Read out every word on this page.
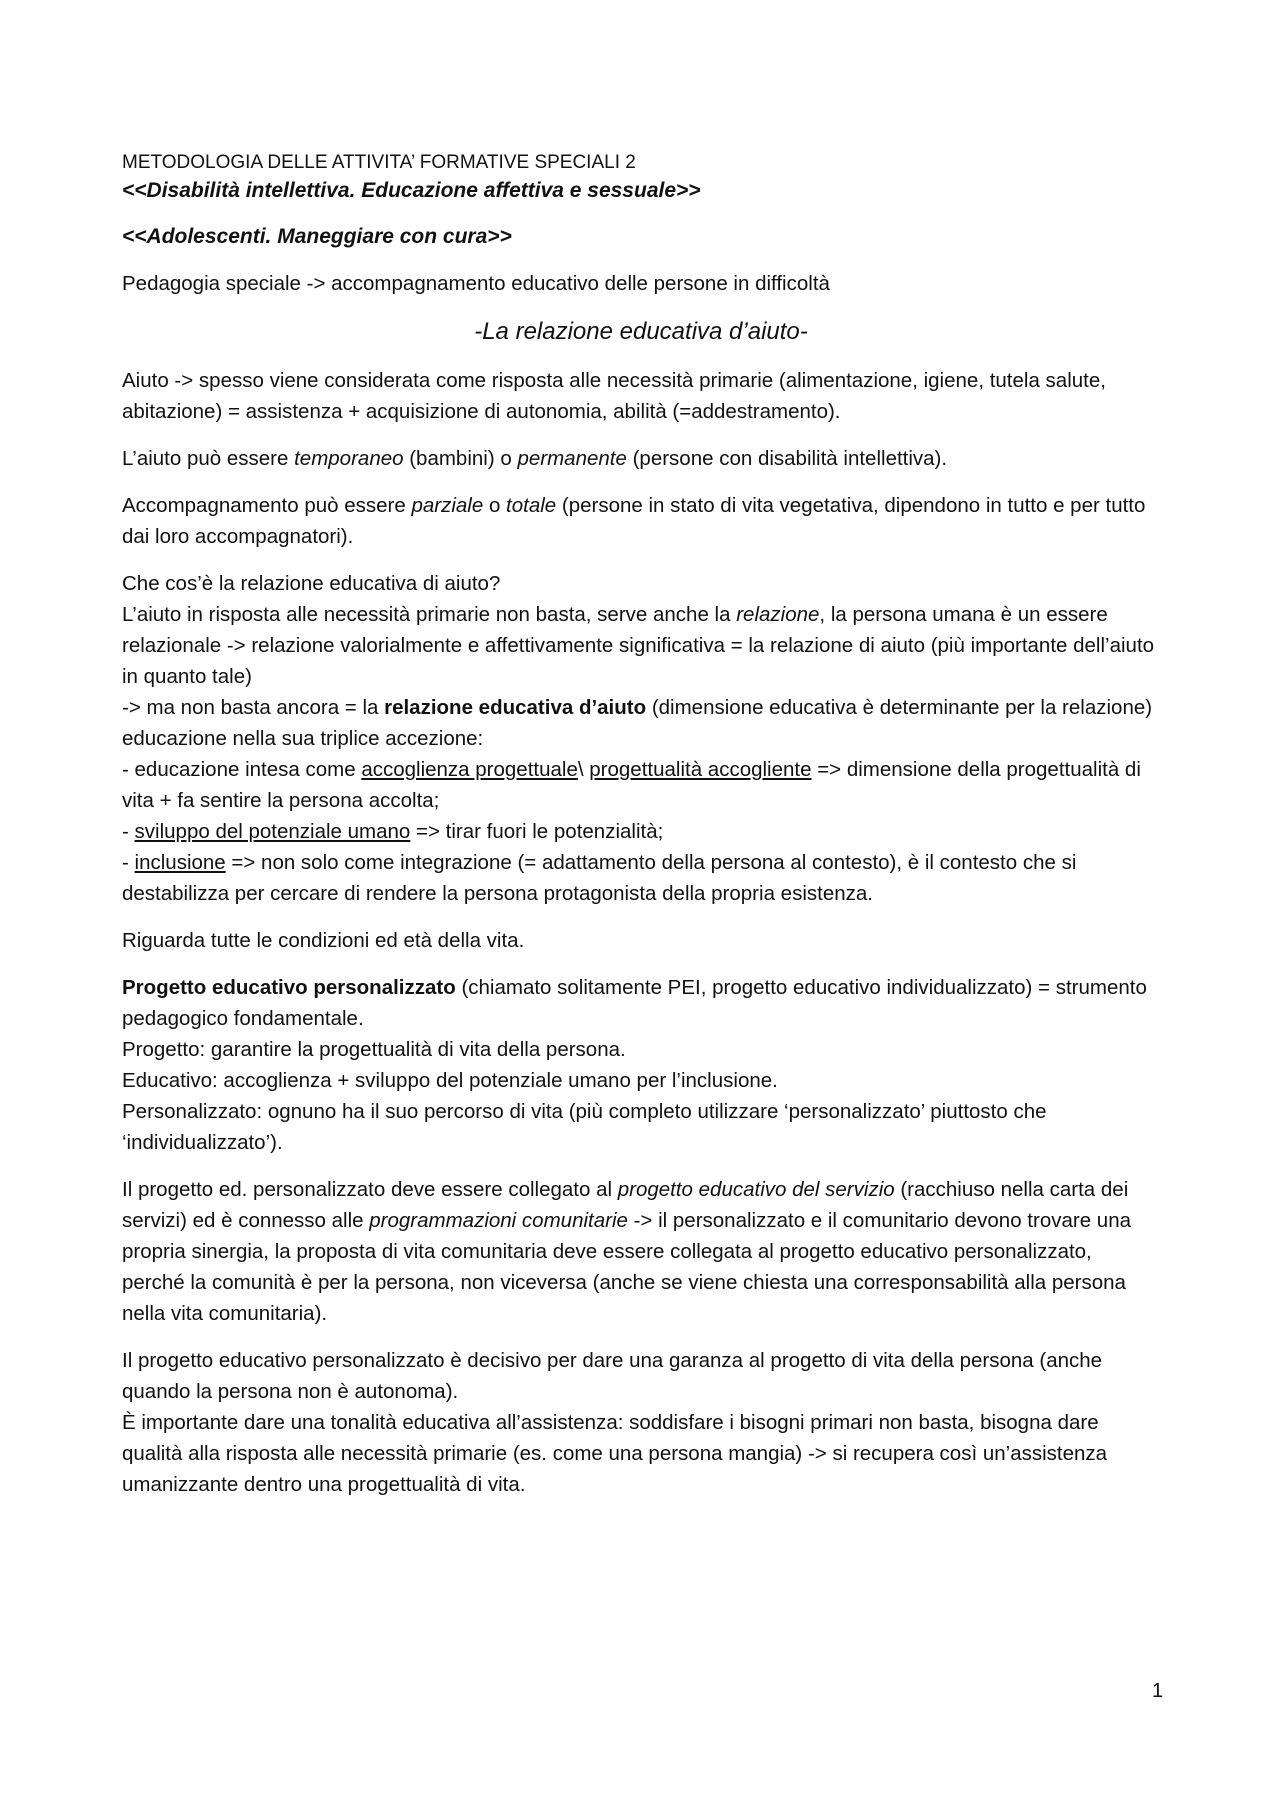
METODOLOGIA DELLE ATTIVITA’ FORMATIVE SPECIALI 2

<<Disabilità intellettiva. Educazione affettiva e sessuale>>

<<Adolescenti. Maneggiare con cura>>

Pedagogia speciale -> accompagnamento educativo delle persone in difficoltà

-La relazione educativa d’aiuto-

Aiuto -> spesso viene considerata come risposta alle necessità primarie (alimentazione, igiene, tutela salute, abitazione) = assistenza + acquisizione di autonomia, abilità (=addestramento).

L’aiuto può essere temporaneo (bambini) o permanente (persone con disabilità intellettiva).

Accompagnamento può essere parziale o totale (persone in stato di vita vegetativa, dipendono in tutto e per tutto dai loro accompagnatori).

Che cos’è la relazione educativa di aiuto?

L’aiuto in risposta alle necessità primarie non basta, serve anche la relazione, la persona umana è un essere relazionale -> relazione valorialmente e affettivamente significativa = la relazione di aiuto (più importante dell’aiuto in quanto tale)

-> ma non basta ancora = la relazione educativa d’aiuto (dimensione educativa è determinante per la relazione) educazione nella sua triplice accezione:

- educazione intesa come accoglienza progettuale\ progettualità accogliente => dimensione della progettualità di vita + fa sentire la persona accolta;

- sviluppo del potenziale umano => tirar fuori le potenzialità;

- inclusione => non solo come integrazione (= adattamento della persona al contesto), è il contesto che si destabilizza per cercare di rendere la persona protagonista della propria esistenza.

Riguarda tutte le condizioni ed età della vita.

Progetto educativo personalizzato (chiamato solitamente PEI, progetto educativo individualizzato) = strumento pedagogico fondamentale.

Progetto: garantire la progettualità di vita della persona.

Educativo: accoglienza + sviluppo del potenziale umano per l’inclusione.

Personalizzato: ognuno ha il suo percorso di vita (più completo utilizzare ‘personalizzato’ piuttosto che ‘individualizzato’).

Il progetto ed. personalizzato deve essere collegato al progetto educativo del servizio (racchiuso nella carta dei servizi) ed è connesso alle programmazioni comunitarie -> il personalizzato e il comunitario devono trovare una propria sinergia, la proposta di vita comunitaria deve essere collegata al progetto educativo personalizzato, perché la comunità è per la persona, non viceversa (anche se viene chiesta una corresponsabilità alla persona nella vita comunitaria).

Il progetto educativo personalizzato è decisivo per dare una garanza al progetto di vita della persona (anche quando la persona non è autonoma).

È importante dare una tonalità educativa all’assistenza: soddisfare i bisogni primari non basta, bisogna dare qualità alla risposta alle necessità primarie (es. come una persona mangia) -> si recupera così un’assistenza umanizzante dentro una progettualità di vita.

1
